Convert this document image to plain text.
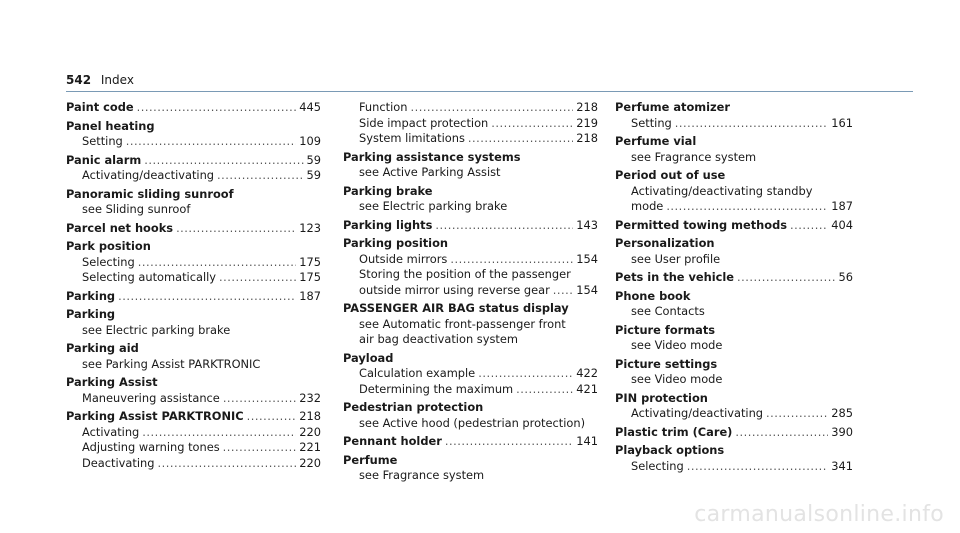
542 Index
Paint code .....	445
Panel heating
Setting .....	109
Panic alarm .....	59
Activating/deactivating .....	59
Panoramic sliding sunroof
see Sliding sunroof
Parcel net hooks .....	123
Park position
Selecting .....	175
Selecting automatically .....	175
Parking .....	187
Parking
see Electric parking brake
Parking aid
see Parking Assist PARKTRONIC
Parking Assist
Maneuvering assistance .....	232
Parking Assist PARKTRONIC .....	218
Activating .....	220
Adjusting warning tones .....	221
Deactivating .....	220
Function .....	218
Side impact protection .....	219
System limitations .....	218
Parking assistance systems
see Active Parking Assist
Parking brake
see Electric parking brake
Parking lights .....	143
Parking position
Outside mirrors .....	154
Storing the position of the passenger
outside mirror using reverse gear ..... 154
PASSENGER AIR BAG status display
see Automatic front-passenger front
air bag deactivation system
Payload
Calculation example .....	422
Determining the maximum .....	421
Pedestrian protection
see Active hood (pedestrian protection)
Pennant holder .....	141
Perfume
see Fragrance system
Perfume atomizer
Setting .....	161
Perfume vial
see Fragrance system
Period out of use
Activating/deactivating standby
mode .....	187
Permitted towing methods .....	404
Personalization
see User profile
Pets in the vehicle .....	56
Phone book
see Contacts
Picture formats
see Video mode
Picture settings
see Video mode
PIN protection
Activating/deactivating .....	285
Plastic trim (Care) .....	390
Playback options
Selecting .....	341
carmanualsonline.info
